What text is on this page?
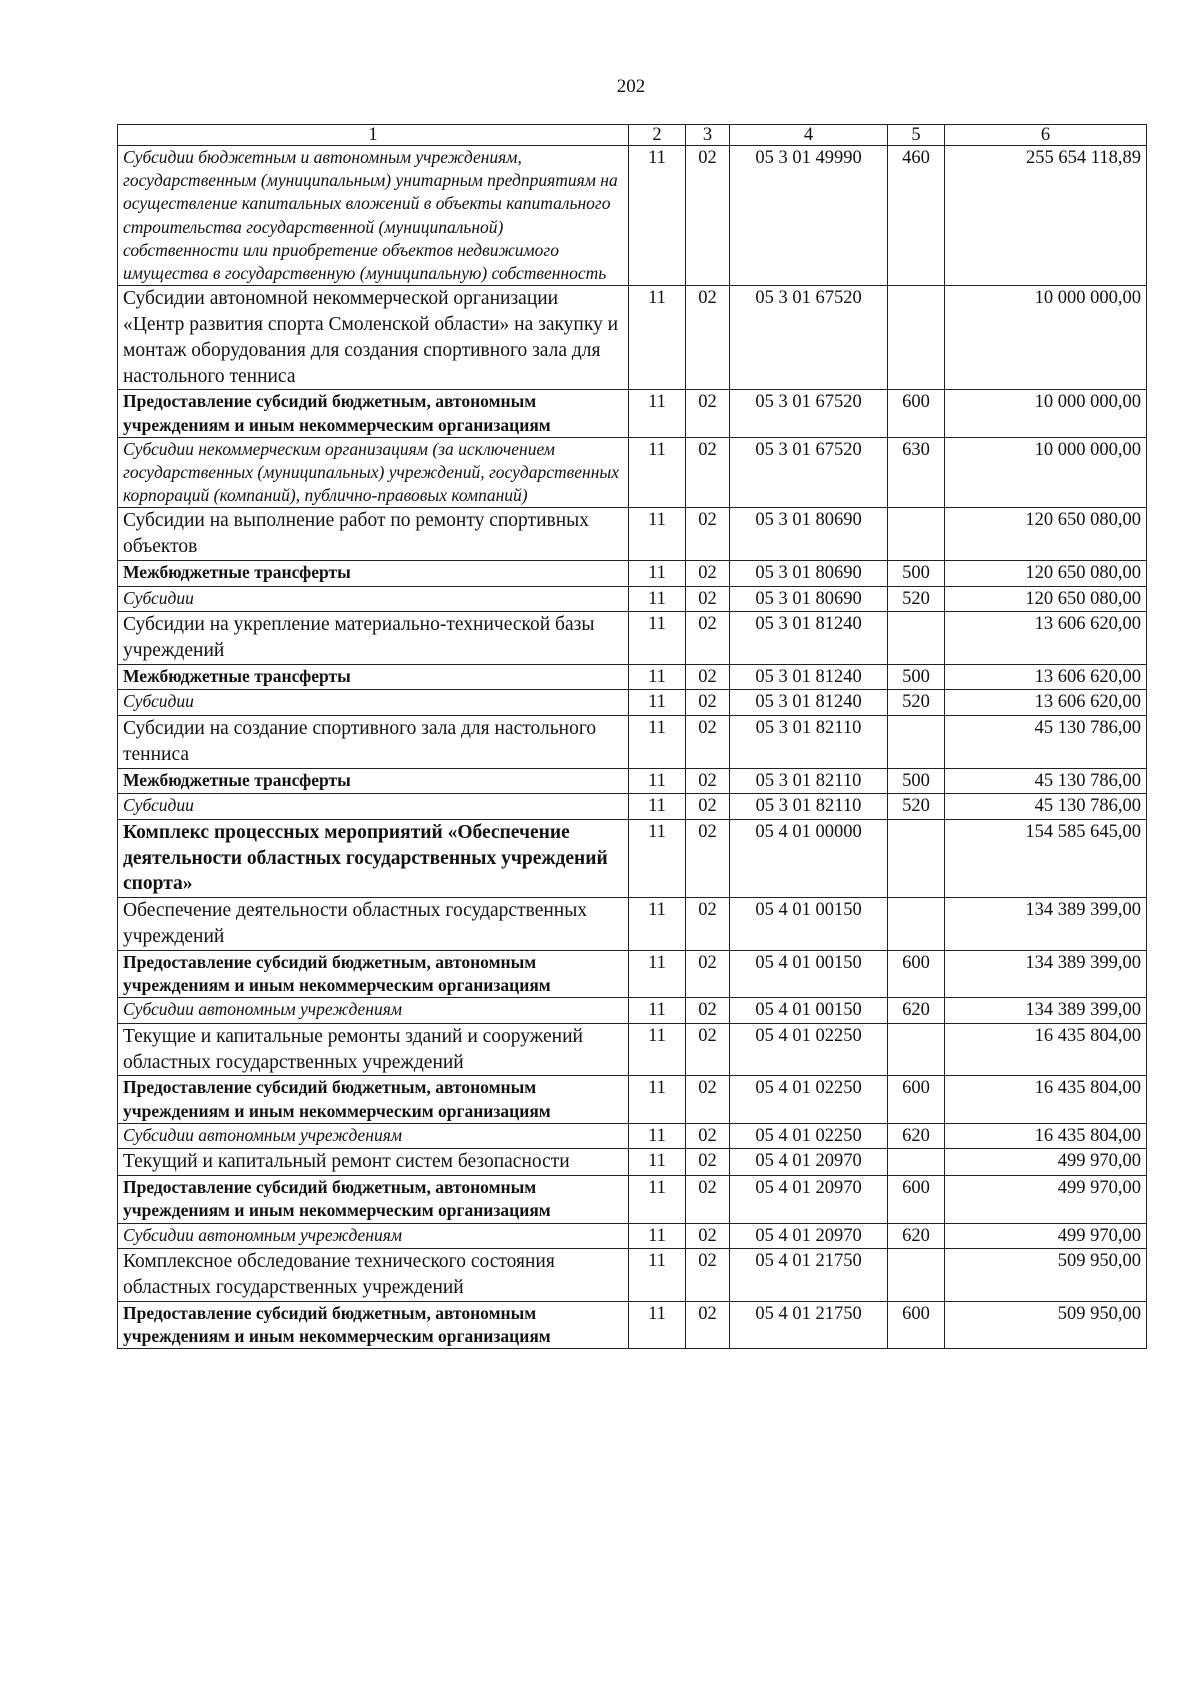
202
1	2	3	4	5	6
Субсидии бюджетным и автономным учреждениям, государственным (муниципальным) унитарным предприятиям на осуществление капитальных вложений в объекты капитального строительства государственной (муниципальной) собственности или приобретение объектов недвижимого имущества в государственную (муниципальную) собственность	11	02	05 3 01 49990	460	255 654 118,89
Субсидии автономной некоммерческой организации «Центр развития спорта Смоленской области» на закупку и монтаж оборудования для создания спортивного зала для настольного тенниса	11	02	05 3 01 67520		10 000 000,00
Предоставление субсидий бюджетным, автономным учреждениям и иным некоммерческим организациям	11	02	05 3 01 67520	600	10 000 000,00
Субсидии некоммерческим организациям (за исключением государственных (муниципальных) учреждений, государственных корпораций (компаний), публично-правовых компаний)	11	02	05 3 01 67520	630	10 000 000,00
Субсидии на выполнение работ по ремонту спортивных объектов	11	02	05 3 01 80690		120 650 080,00
Межбюджетные трансферты	11	02	05 3 01 80690	500	120 650 080,00
Субсидии	11	02	05 3 01 80690	520	120 650 080,00
Субсидии на укрепление материально-технической базы учреждений	11	02	05 3 01 81240		13 606 620,00
Межбюджетные трансферты	11	02	05 3 01 81240	500	13 606 620,00
Субсидии	11	02	05 3 01 81240	520	13 606 620,00
Субсидии на создание спортивного зала для настольного тенниса	11	02	05 3 01 82110		45 130 786,00
Межбюджетные трансферты	11	02	05 3 01 82110	500	45 130 786,00
Субсидии	11	02	05 3 01 82110	520	45 130 786,00
Комплекс процессных мероприятий «Обеспечение деятельности областных государственных учреждений спорта»	11	02	05 4 01 00000		154 585 645,00
Обеспечение деятельности областных государственных учреждений	11	02	05 4 01 00150		134 389 399,00
Предоставление субсидий бюджетным, автономным учреждениям и иным некоммерческим организациям	11	02	05 4 01 00150	600	134 389 399,00
Субсидии автономным учреждениям	11	02	05 4 01 00150	620	134 389 399,00
Текущие и капитальные ремонты зданий и сооружений областных государственных учреждений	11	02	05 4 01 02250		16 435 804,00
Предоставление субсидий бюджетным, автономным учреждениям и иным некоммерческим организациям	11	02	05 4 01 02250	600	16 435 804,00
Субсидии автономным учреждениям	11	02	05 4 01 02250	620	16 435 804,00
Текущий и капитальный ремонт систем безопасности	11	02	05 4 01 20970		499 970,00
Предоставление субсидий бюджетным, автономным учреждениям и иным некоммерческим организациям	11	02	05 4 01 20970	600	499 970,00
Субсидии автономным учреждениям	11	02	05 4 01 20970	620	499 970,00
Комплексное обследование технического состояния областных государственных учреждений	11	02	05 4 01 21750		509 950,00
Предоставление субсидий бюджетным, автономным учреждениям и иным некоммерческим организациям	11	02	05 4 01 21750	600	509 950,00
